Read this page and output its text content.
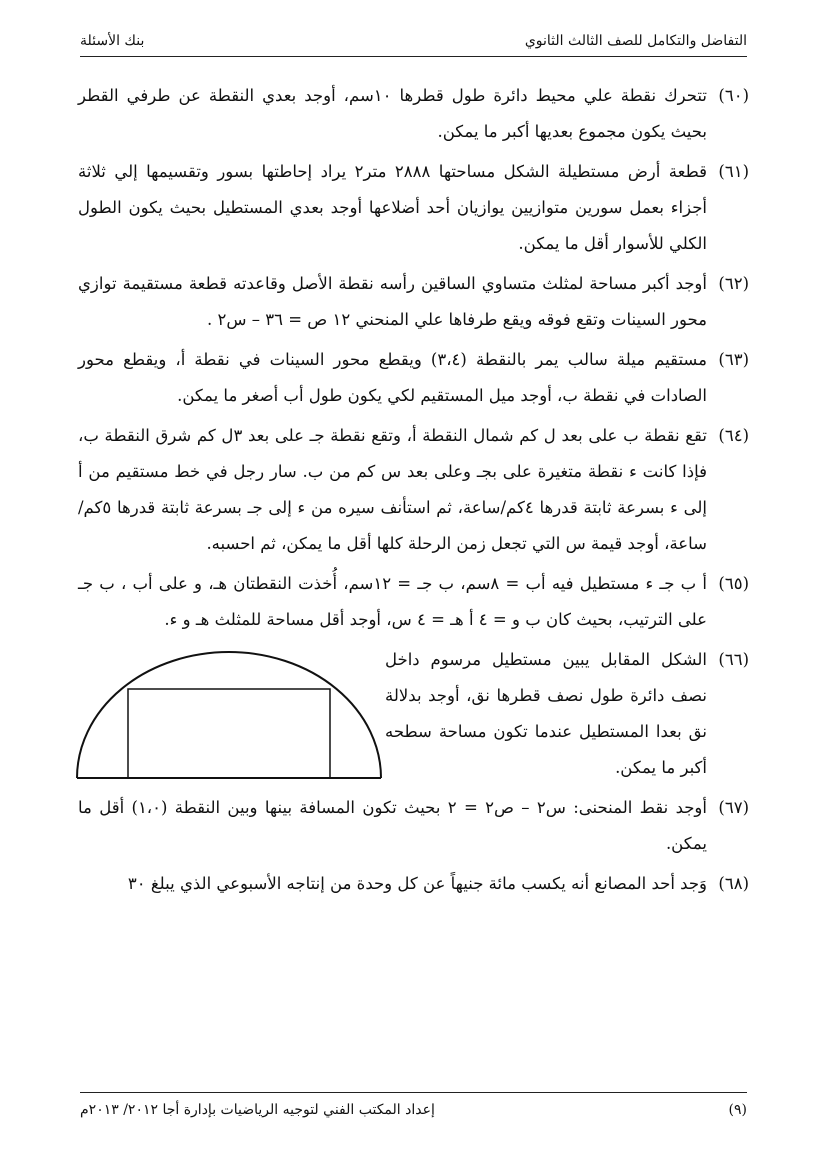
التفاضل والتكامل للصف الثالث الثانوي
بنك الأسئلة
(٦٠)
تتحرك نقطة علي محيط دائرة طول قطرها ١٠سم، أوجد بعدي النقطة عن طرفي القطر بحيث يكون مجموع بعديها أكبر ما يمكن.
(٦١)
قطعة أرض مستطيلة الشكل مساحتها ٢٨٨٨ متر٢ يراد إحاطتها بسور وتقسيمها إلي ثلاثة أجزاء بعمل سورين متوازيين يوازيان أحد أضلاعها أوجد بعدي المستطيل بحيث يكون الطول الكلي للأسوار أقل ما يمكن.
(٦٢)
أوجد أكبر مساحة لمثلث متساوي الساقين رأسه نقطة الأصل وقاعدته قطعة مستقيمة توازي محور السينات وتقع فوقه ويقع طرفاها علي المنحني ١٢ ص = ٣٦ – س٢ .
(٦٣)
مستقيم ميلة سالب يمر بالنقطة (٣،٤) ويقطع محور السينات في نقطة أ، ويقطع محور الصادات في نقطة ب، أوجد ميل المستقيم لكي يكون طول أب أصغر ما يمكن.
(٦٤)
تقع نقطة ب على بعد ل كم شمال النقطة أ، وتقع نقطة جـ على بعد ٣ل كم شرق النقطة ب، فإذا كانت ء نقطة متغيرة على بجـ وعلى بعد س كم من ب. سار رجل في خط مستقيم من أ إلى ء بسرعة ثابتة قدرها ٤كم/ساعة، ثم استأنف سيره من ء إلى جـ بسرعة ثابتة قدرها ٥كم/ساعة، أوجد قيمة س التي تجعل زمن الرحلة كلها أقل ما يمكن، ثم احسبه.
(٦٥)
أ ب جـ ء مستطيل فيه أب = ٨سم، ب جـ = ١٢سم، أُخذت النقطتان هـ، و على أب ، ب جـ على الترتيب، بحيث كان ب و = ٤ أ هـ = ٤ س، أوجد أقل مساحة للمثلث هـ و ء.
(٦٦)
الشكل المقابل يبين مستطيل مرسوم داخل نصف دائرة طول نصف قطرها نق، أوجد بدلالة نق بعدا المستطيل عندما تكون مساحة سطحه أكبر ما يمكن.
(٦٧)
أوجد نقط المنحنى: س٢ – ص٢ = ٢ بحيث تكون المسافة بينها وبين النقطة (١،٠) أقل ما يمكن.
(٦٨)
وَجد أحد المصانع أنه يكسب مائة جنيهاً عن كل وحدة من إنتاجه الأسبوعي الذي يبلغ ٣٠
(٩)
إعداد المكتب الفني لتوجيه الرياضيات بإدارة أجا ٢٠١٢/ ٢٠١٣م
